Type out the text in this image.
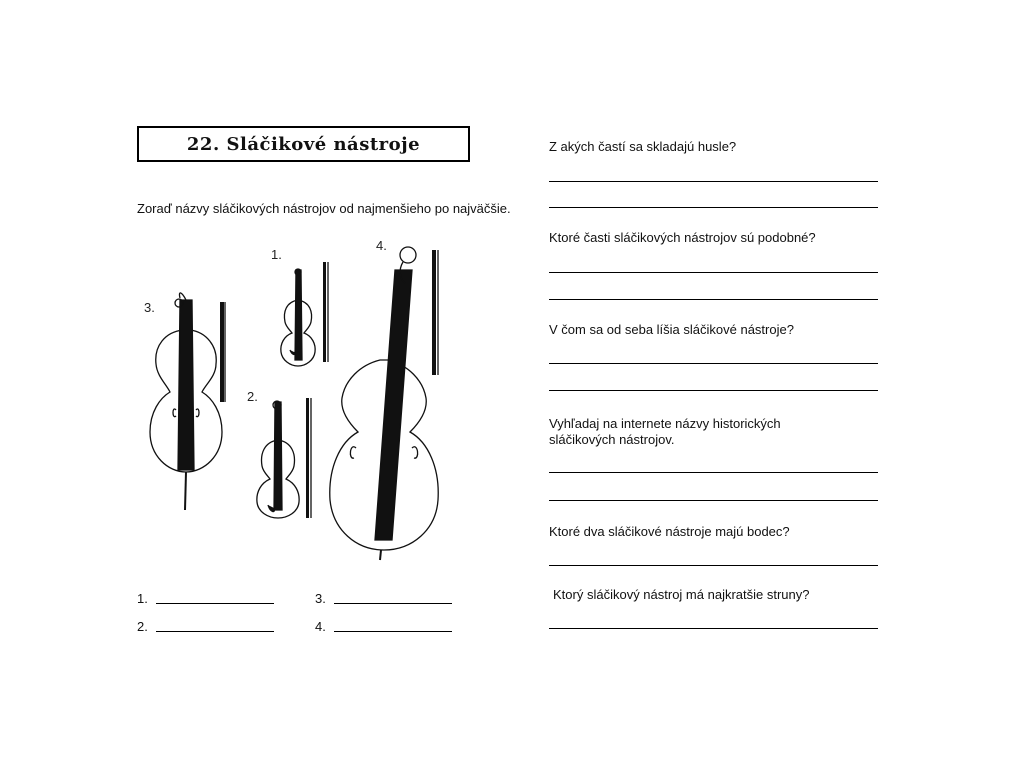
22. Sláčikové nástroje
Zoraď názvy sláčikových nástrojov od najmenšieho po najväčšie.
1.
2.
3.
4.
1.	3.
2.	4.
Z akých častí sa skladajú husle?
Ktoré časti sláčikových nástrojov sú podobné?
V čom sa od seba líšia sláčikové nástroje?
Vyhľadaj na internete názvy historických sláčikových nástrojov.
Ktoré dva sláčikové nástroje majú bodec?
Ktorý sláčikový nástroj má najkratšie struny?
